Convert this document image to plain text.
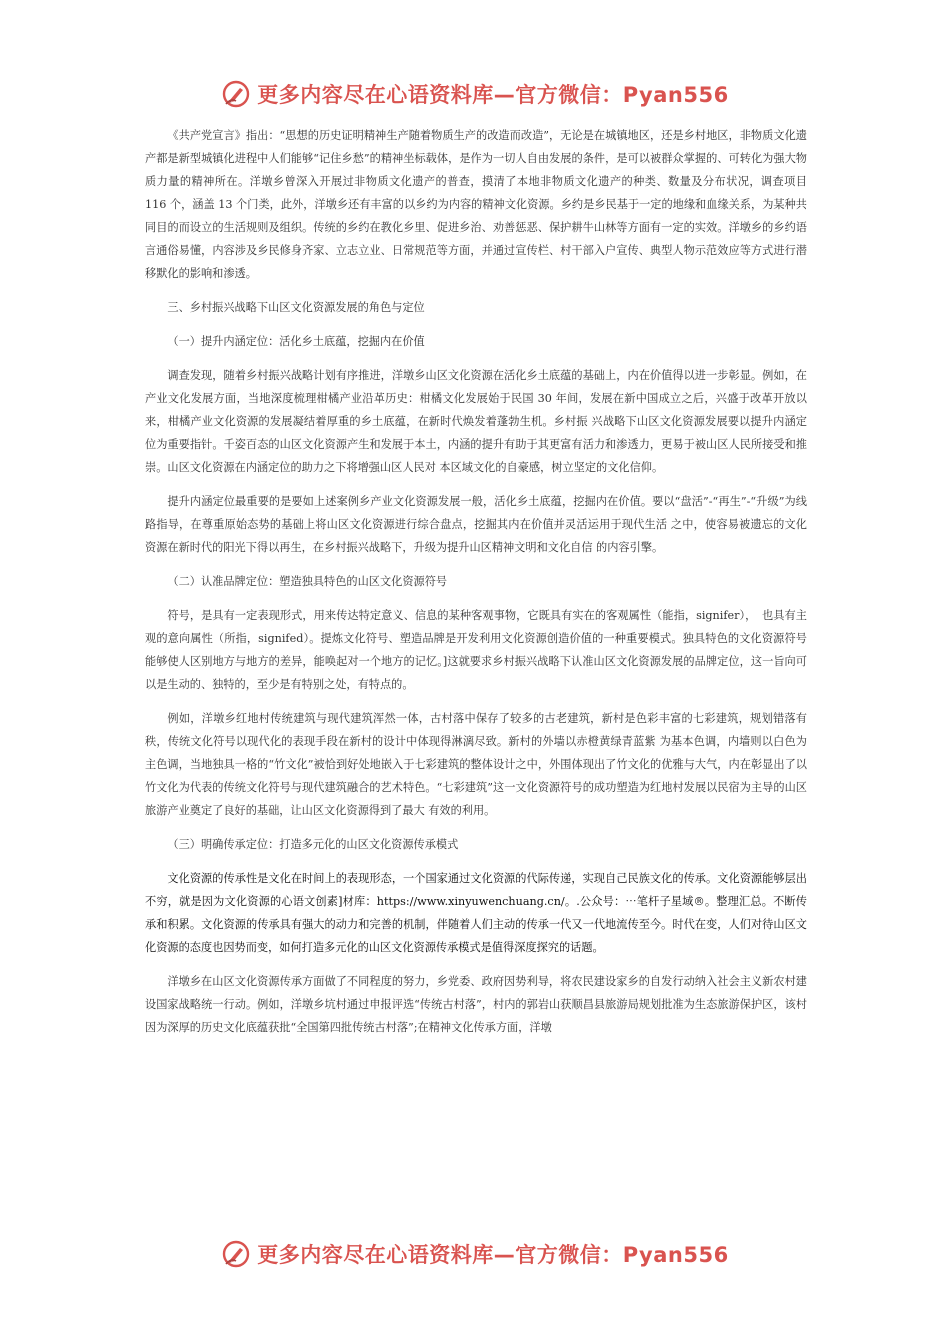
更多内容尽在心语资料库—官方微信：Pyan556

《共产党宣言》指出：“思想的历史证明精神生产随着物质生产的改造而改造”，无论是在城镇地区，还是乡村地区，非物质文化遗产都是新型城镇化进程中人们能够“记住乡愁”的精神坐标载体，是作为一切人自由发展的条件，是可以被群众掌握的、可转化为强大物质力量的精神所在。洋墩乡曾深入开展过非物质文化遗产的普查，摸清了本地非物质文化遗产的种类、数量及分布状况，调查项目 116 个，涵盖 13 个门类，此外，洋墩乡还有丰富的以乡约为内容的精神文化资源。乡约是乡民基于一定的地缘和血缘关系，为某种共同目的而设立的生活规则及组织。传统的乡约在教化乡里、促进乡治、劝善惩恶、保护耕牛山林等方面有一定的实效。洋墩乡的乡约语言通俗易懂，内容涉及乡民修身齐家、立志立业、日常规范等方面，并通过宣传栏、村干部入户宣传、典型人物示范效应等方式进行潜移默化的影响和渗透。

三、乡村振兴战略下山区文化资源发展的角色与定位

（一）提升内涵定位：活化乡土底蕴，挖掘内在价值

调查发现，随着乡村振兴战略计划有序推进，洋墩乡山区文化资源在活化乡土底蕴的基础上，内在价值得以进一步彰显。例如，在产业文化发展方面，当地深度梳理柑橘产业沿革历史：柑橘文化发展始于民国 30 年间，发展在新中国成立之后，兴盛于改革开放以来，柑橘产业文化资源的发展凝结着厚重的乡土底蕴，在新时代焕发着蓬勃生机。乡村振 兴战略下山区文化资源发展要以提升内涵定位为重要指针。千姿百态的山区文化资源产生和发展于本土，内涵的提升有助于其更富有活力和渗透力，更易于被山区人民所接受和推崇。山区文化资源在内涵定位的助力之下将增强山区人民对 本区域文化的自豪感，树立坚定的文化信仰。

提升内涵定位最重要的是要如上述案例乡产业文化资源发展一般，活化乡土底蕴，挖掘内在价值。要以“盘活”-“再生”-“升级”为线路指导，在尊重原始态势的基础上将山区文化资源进行综合盘点，挖掘其内在价值并灵活运用于现代生活 之中，使容易被遗忘的文化资源在新时代的阳光下得以再生，在乡村振兴战略下，升级为提升山区精神文明和文化自信 的内容引擎。

（二）认准品牌定位：塑造独具特色的山区文化资源符号

符号，是具有一定表现形式，用来传达特定意义、信息的某种客观事物，它既具有实在的客观属性（能指，signifer），　也具有主观的意向属性（所指，signifed）。提炼文化符号、塑造品牌是开发利用文化资源创造价值的一种重要模式。独具特色的文化资源符号能够使人区别地方与地方的差异，能唤起对一个地方的记忆。]这就要求乡村振兴战略下认准山区文化资源发展的品牌定位，这一旨向可以是生动的、独特的，至少是有特别之处，有特点的。

例如，洋墩乡红地村传统建筑与现代建筑浑然一体，古村落中保存了较多的古老建筑，新村是色彩丰富的七彩建筑，规划错落有秩，传统文化符号以现代化的表现手段在新村的设计中体现得淋漓尽致。新村的外墙以赤橙黄绿青蓝紫 为基本色调，内墙则以白色为主色调，当地独具一格的“竹文化”被恰到好处地嵌入于七彩建筑的整体设计之中，外围体现出了竹文化的优雅与大气，内在彰显出了以竹文化为代表的传统文化符号与现代建筑融合的艺术特色。“七彩建筑”这一文化资源符号的成功塑造为红地村发展以民宿为主导的山区旅游产业奠定了良好的基础，让山区文化资源得到了最大 有效的利用。

（三）明确传承定位：打造多元化的山区文化资源传承模式

文化资源的传承性是文化在时间上的表现形态，一个国家通过文化资源的代际传递，实现自己民族文化的传承。文化资源能够层出不穷，就是因为文化资源的心语文创素]材库：https://www.xinyuwenchuang.cn/。.公众号：⋯笔杆子星域®。整理汇总。不断传承和积累。文化资源的传承具有强大的动力和完善的机制，伴随着人们主动的传承一代又一代地流传至今。时代在变，人们对待山区文化资源的态度也因势而变，如何打造多元化的山区文化资源传承模式是值得深度探究的话题。

洋墩乡在山区文化资源传承方面做了不同程度的努力，乡党委、政府因势利导，将农民建设家乡的自发行动纳入社会主义新农村建设国家战略统一行动。例如，洋墩乡坑村通过申报评选“传统古村落”，村内的郭岩山获顺昌县旅游局规划批准为生态旅游保护区，该村因为深厚的历史文化底蕴获批“全国第四批传统古村落”;在精神文化传承方面，洋墩

更多内容尽在心语资料库—官方微信：Pyan556
